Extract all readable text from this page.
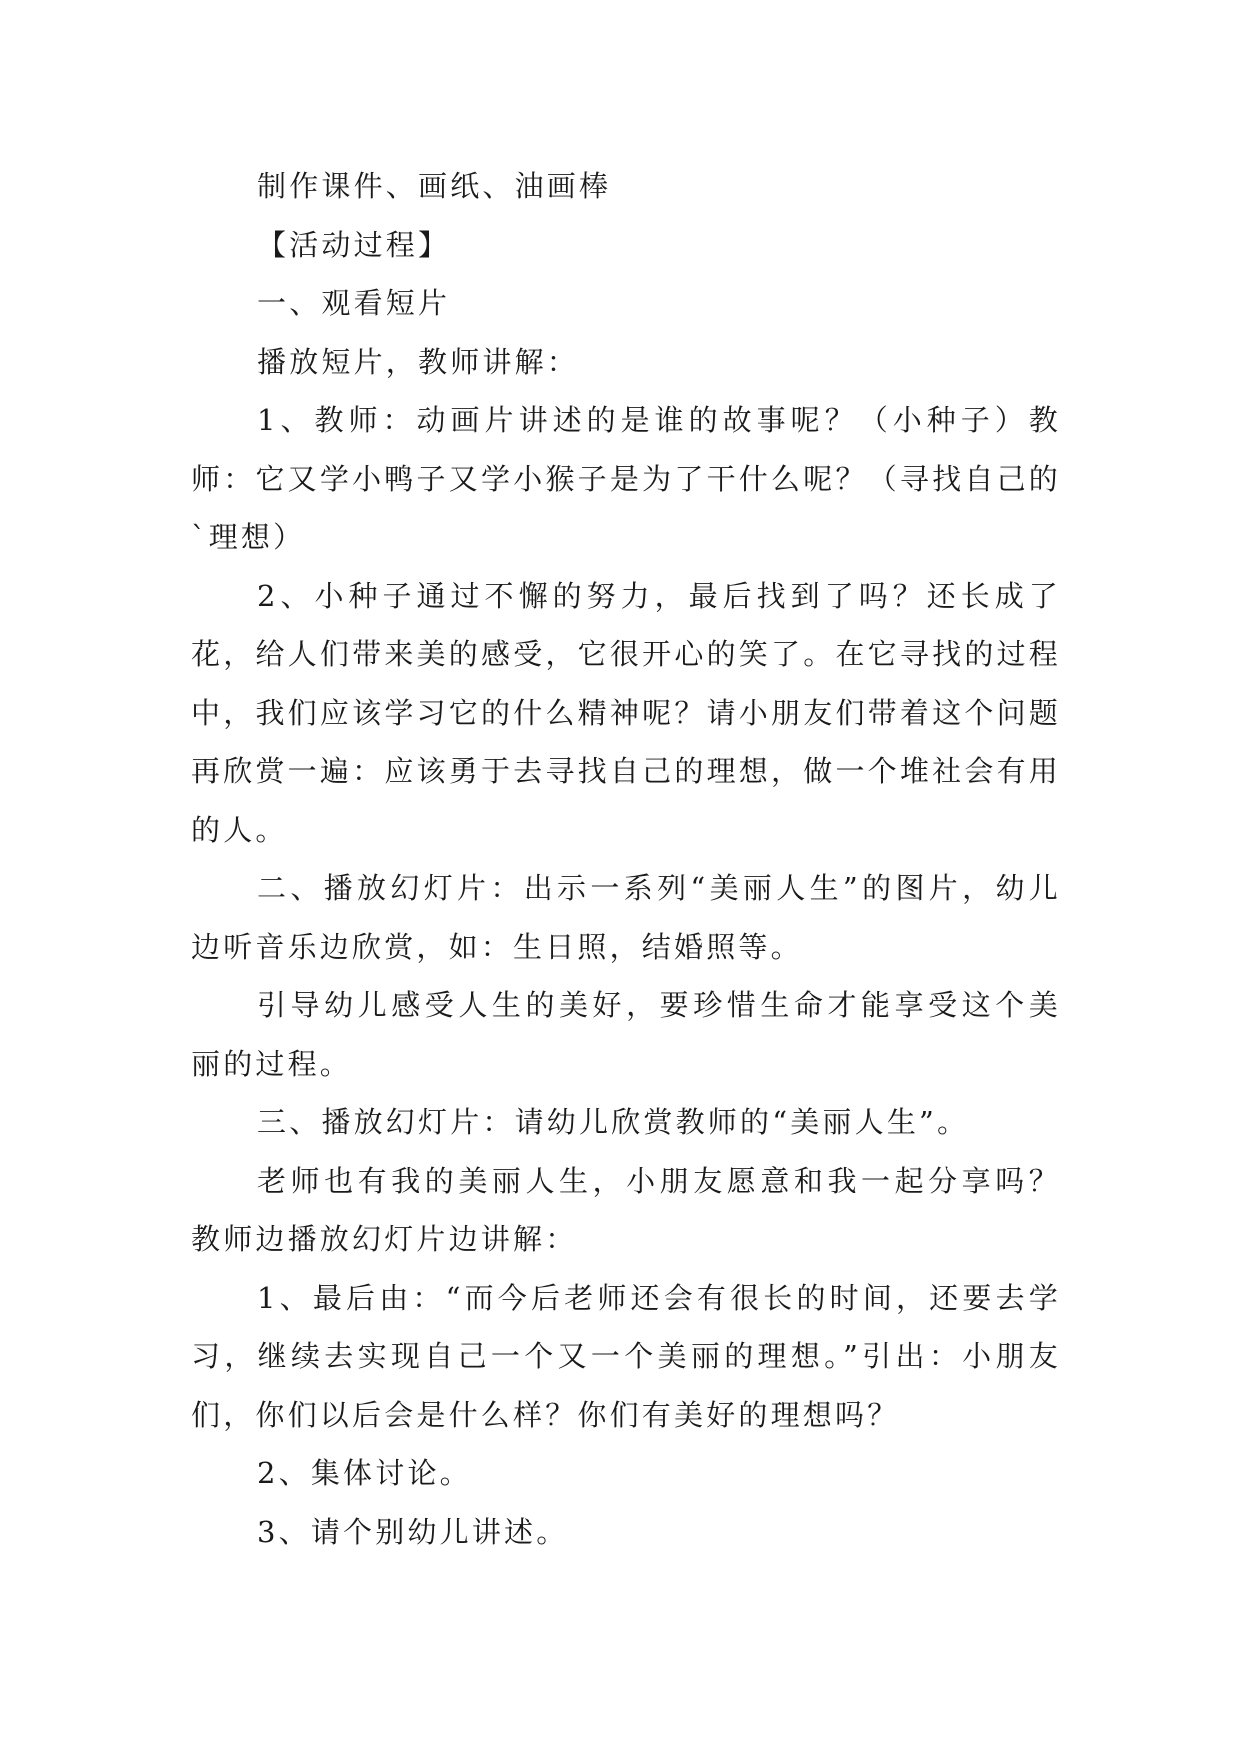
制作课件、画纸、油画棒

【活动过程】

一、观看短片

播放短片，教师讲解：

1、教师：动画片讲述的是谁的故事呢？（小种子）教师：它又学小鸭子又学小猴子是为了干什么呢？（寻找自己的`理想）

2、小种子通过不懈的努力，最后找到了吗？还长成了花，给人们带来美的感受，它很开心的笑了。在它寻找的过程中，我们应该学习它的什么精神呢？请小朋友们带着这个问题再欣赏一遍：应该勇于去寻找自己的理想，做一个堆社会有用的人。

二、播放幻灯片：出示一系列“美丽人生”的图片，幼儿边听音乐边欣赏，如：生日照，结婚照等。

引导幼儿感受人生的美好，要珍惜生命才能享受这个美丽的过程。

三、播放幻灯片：请幼儿欣赏教师的“美丽人生”。

老师也有我的美丽人生，小朋友愿意和我一起分享吗？教师边播放幻灯片边讲解：

1、最后由：“而今后老师还会有很长的时间，还要去学习，继续去实现自己一个又一个美丽的理想。”引出：小朋友们，你们以后会是什么样？你们有美好的理想吗？

2、集体讨论。

3、请个别幼儿讲述。
